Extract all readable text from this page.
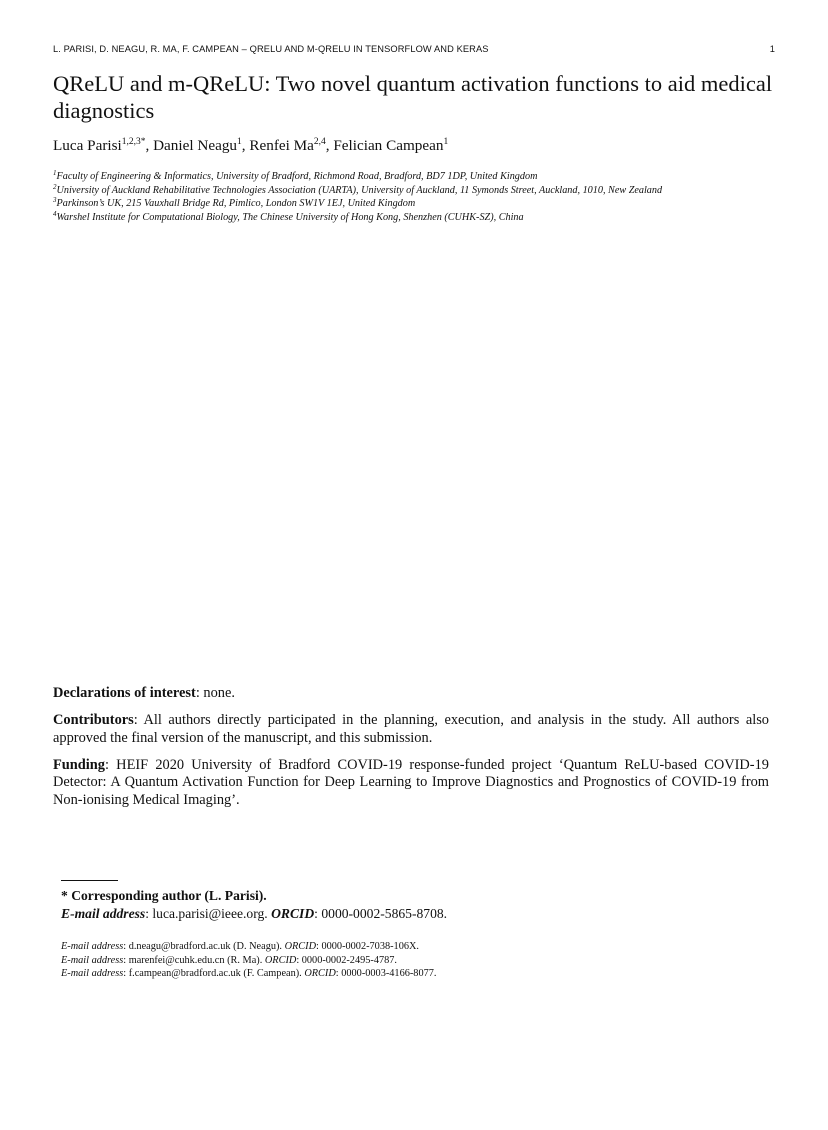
L. PARISI, D. NEAGU, R. MA, F. CAMPEAN – QRELU AND M-QRELU IN TENSORFLOW AND KERAS	1
QReLU and m-QReLU: Two novel quantum activation functions to aid medical diagnostics
Luca Parisi$^{1,2,3*}$, Daniel Neagu$^1$, Renfei Ma$^{2,4}$, Felician Campean$^1$
$^1$Faculty of Engineering & Informatics, University of Bradford, Richmond Road, Bradford, BD7 1DP, United Kingdom
$^2$University of Auckland Rehabilitative Technologies Association (UARTA), University of Auckland, 11 Symonds Street, Auckland, 1010, New Zealand
$^3$Parkinson’s UK, 215 Vauxhall Bridge Rd, Pimlico, London SW1V 1EJ, United Kingdom
$^4$Warshel Institute for Computational Biology, The Chinese University of Hong Kong, Shenzhen (CUHK‑SZ), China

Declarations of interest: none.

Contributors: All authors directly participated in the planning, execution, and analysis in the study. All authors also approved the final version of the manuscript, and this submission.

Funding: HEIF 2020 University of Bradford COVID-19 response-funded project ‘Quantum ReLU-based COVID-19 Detector: A Quantum Activation Function for Deep Learning to Improve Diagnostics and Prognostics of COVID-19 from Non-ionising Medical Imaging’.

* Corresponding author (L. Parisi).
E-mail address: luca.parisi@ieee.org. ORCID: 0000-0002-5865-8708.
E-mail address: d.neagu@bradford.ac.uk (D. Neagu). ORCID: 0000-0002-7038-106X.
E-mail address: marenfei@cuhk.edu.cn (R. Ma). ORCID: 0000-0002-2495-4787.
E-mail address: f.campean@bradford.ac.uk (F. Campean). ORCID: 0000-0003-4166-8077.
